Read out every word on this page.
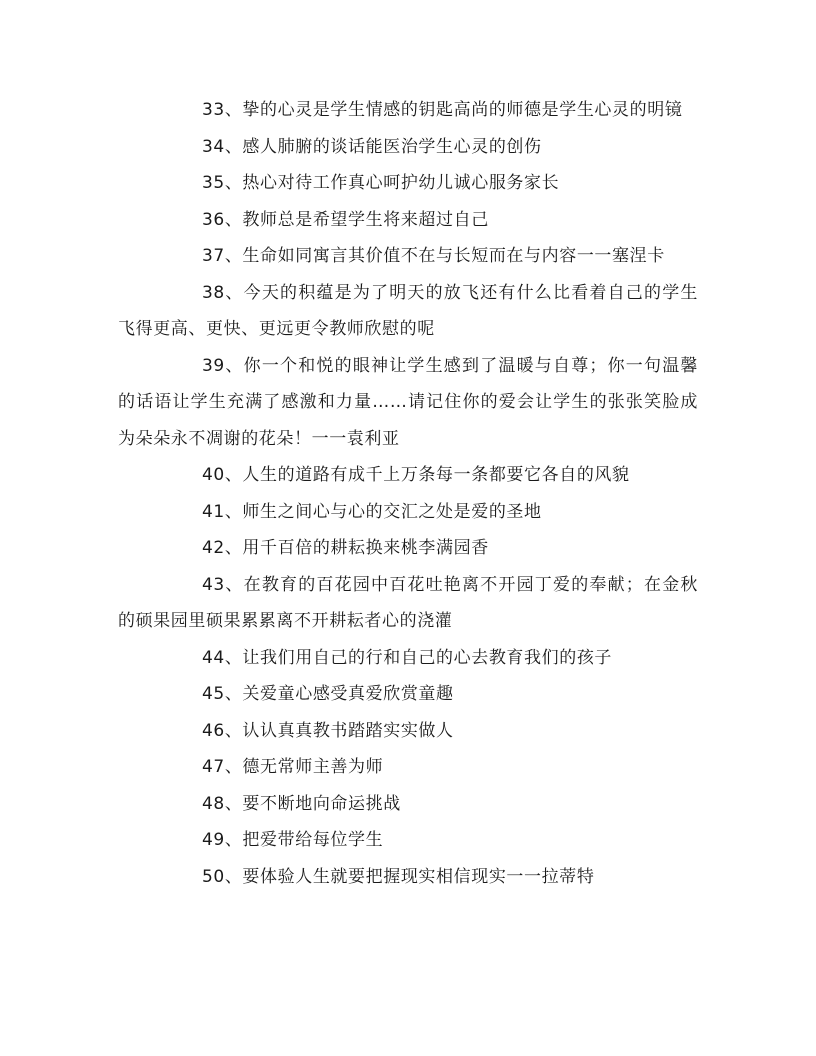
33、挚的心灵是学生情感的钥匙高尚的师德是学生心灵的明镜

34、感人肺腑的谈话能医治学生心灵的创伤

35、热心对待工作真心呵护幼儿诚心服务家长

36、教师总是希望学生将来超过自己

37、生命如同寓言其价值不在与长短而在与内容一一塞涅卡

38、今天的积蕴是为了明天的放飞还有什么比看着自己的学生飞得更高、更快、更远更令教师欣慰的呢

39、你一个和悦的眼神让学生感到了温暖与自尊；你一句温馨的话语让学生充满了感激和力量……请记住你的爱会让学生的张张笑脸成为朵朵永不凋谢的花朵！一一袁利亚

40、人生的道路有成千上万条每一条都要它各自的风貌

41、师生之间心与心的交汇之处是爱的圣地

42、用千百倍的耕耘换来桃李满园香

43、在教育的百花园中百花吐艳离不开园丁爱的奉献；在金秋的硕果园里硕果累累离不开耕耘者心的浇灌

44、让我们用自己的行和自己的心去教育我们的孩子

45、关爱童心感受真爱欣赏童趣

46、认认真真教书踏踏实实做人

47、德无常师主善为师

48、要不断地向命运挑战

49、把爱带给每位学生

50、要体验人生就要把握现实相信现实一一拉蒂特
